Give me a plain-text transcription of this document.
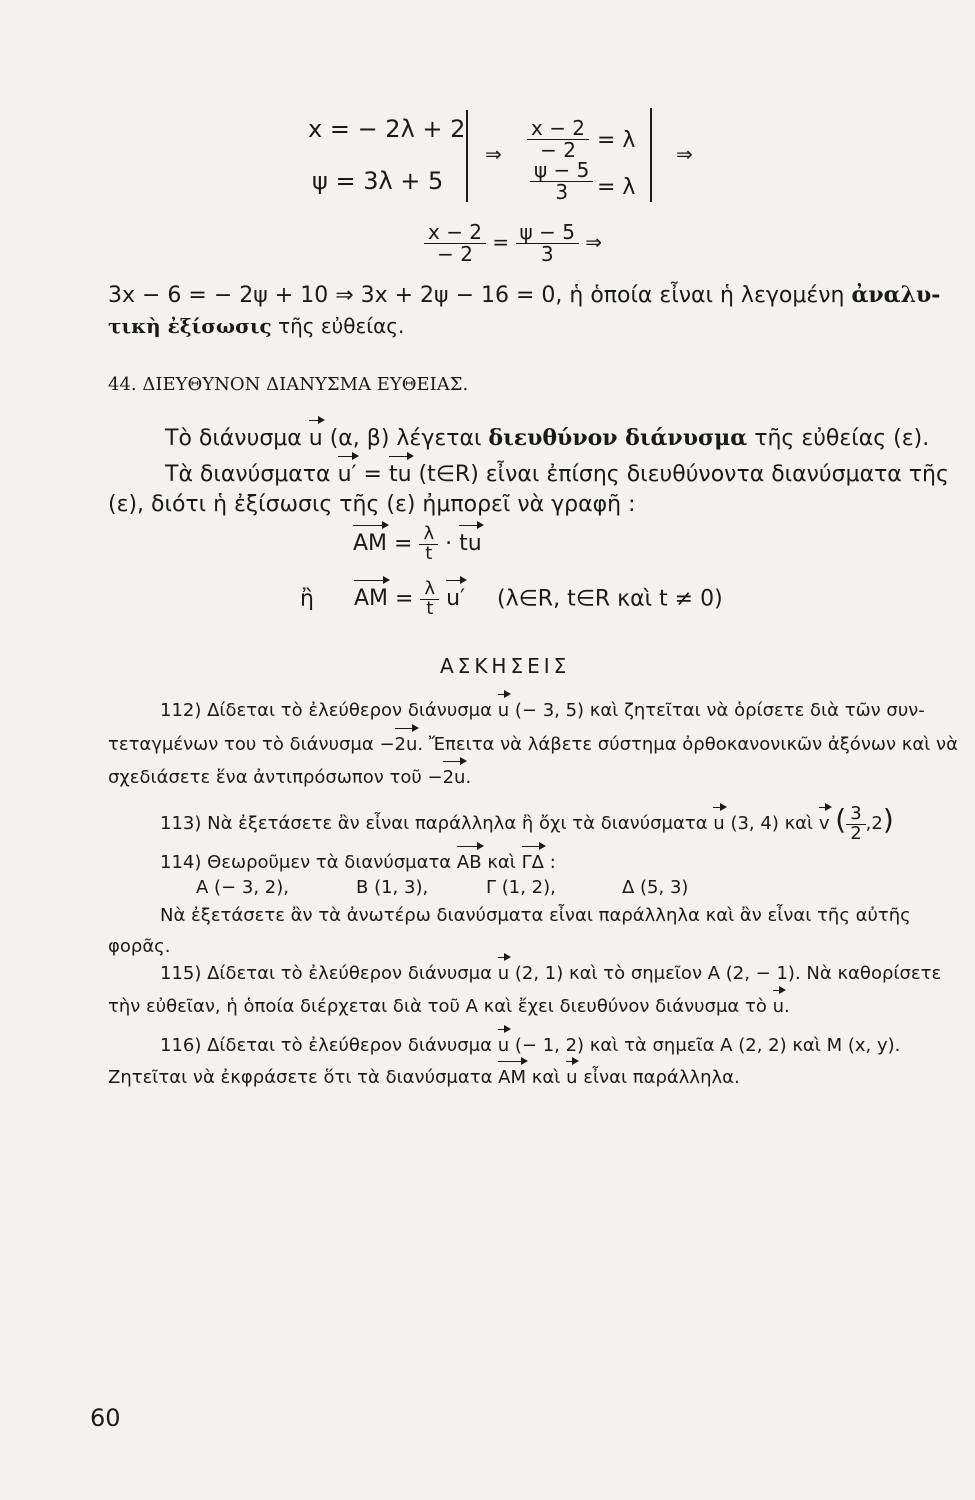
x = − 2λ + 2
ψ = 3λ + 5
⇒ $\frac{x - 2}{- 2} = \lambda$
$\frac{\psi - 5}{3} = \lambda$
⇒
$\frac{x - 2}{- 2} = \frac{\psi - 5}{3}$ ⇒
3x − 6 = − 2ψ + 10 ⇒ 3x + 2ψ − 16 = 0, ἡ ὁποία εἶναι ἡ λεγομένη ἀναλυ-
τικὴ ἐξίσωσις τῆς εὐθείας.
44. ΔΙΕΥΘΥΝΟΝ ΔΙΑΝΥΣΜΑ ΕΥΘΕΙΑΣ.
Τὸ διάνυσμα u (α, β) λέγεται διευθύνον διάνυσμα τῆς εὐθείας (ε).
Τὰ διανύσματα u′ = tu (t∈R) εἶναι ἐπίσης διευθύνοντα διανύσματα τῆς
(ε), διότι ἡ ἐξίσωσις τῆς (ε) ἠμπορεῖ νὰ γραφῆ :
AM = $\frac{\lambda}{t}$ · tu
ἢ AM = $\frac{\lambda}{t} u'$ (λ∈R, t∈R καὶ t ≠ 0)
ΑΣΚΗΣΕΙΣ
112) Δίδεται τὸ ἐλεύθερον διάνυσμα u (− 3, 5) καὶ ζητεῖται νὰ ὁρίσετε διὰ τῶν συν-
τεταγμένων του τὸ διάνυσμα −2u. Ἔπειτα νὰ λάβετε σύστημα ὀρθοκανονικῶν ἀξόνων καὶ νὰ
σχεδιάσετε ἕνα ἀντιπρόσωπον τοῦ −2u.
113) Νὰ ἐξετάσετε ἂν εἶναι παράλληλα ἢ ὄχι τὰ διανύσματα u (3, 4) καὶ v ( $\frac{3}{2} ,2$)
114) Θεωροῦμεν τὰ διανύσματα AB καὶ ΓΔ :
A (− 3, 2),	B (1, 3),	Γ (1, 2),	Δ (5, 3)
Νὰ ἐξετάσετε ἂν τὰ ἀνωτέρω διανύσματα εἶναι παράλληλα καὶ ἂν εἶναι τῆς αὐτῆς
φορᾶς.
115) Δίδεται τὸ ἐλεύθερον διάνυσμα u (2, 1) καὶ τὸ σημεῖον A (2, − 1). Νὰ καθορίσετε
τὴν εὐθεῖαν, ἡ ὁποία διέρχεται διὰ τοῦ A καὶ ἔχει διευθύνον διάνυσμα τὸ u.
116) Δίδεται τὸ ἐλεύθερον διάνυσμα u (− 1, 2) καὶ τὰ σημεῖα A (2, 2) καὶ M (x, y).
Ζητεῖται νὰ ἐκφράσετε ὅτι τὰ διανύσματα AM καὶ u εἶναι παράλληλα.
60
